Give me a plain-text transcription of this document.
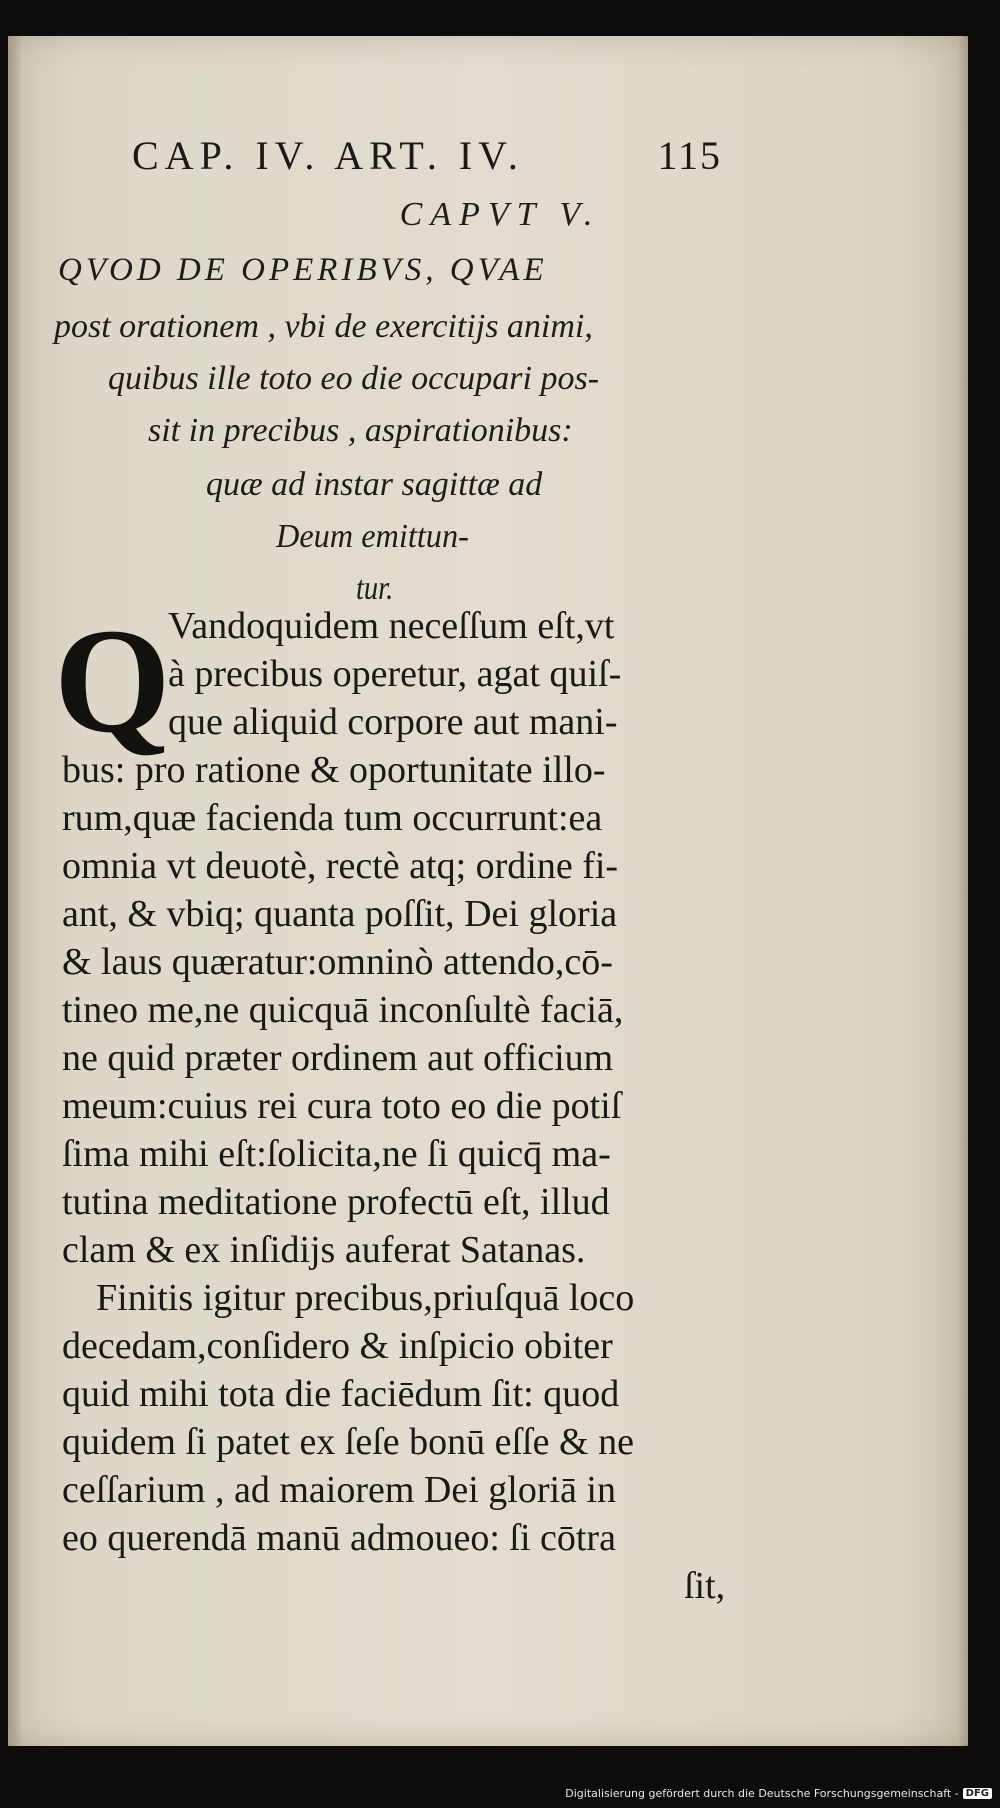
CAP. IV. ART. IV.	115
CAPVT V.
QVOD DE OPERIBVS, QVAE
post orationem , vbi de exercitijs animi,
quibus ille toto eo die occupari pos-
sit in precibus , aspirationibus:
quæ ad instar sagittæ ad
Deum emittun-
tur.
Q
Vandoquidem neceſſum eſt,vt
à precibus operetur, agat quiſ-
que aliquid corpore aut mani-
bus: pro ratione & oportunitate illo-
rum,quæ facienda tum occurrunt:ea
omnia vt deuotè, rectè atq; ordine fi-
ant, & vbiq; quanta poſſit, Dei gloria
& laus quæratur:omninò attendo,cō-
tineo me,ne quicquā inconſultè faciā,
ne quid præter ordinem aut officium
meum:cuius rei cura toto eo die potiſ
ſima mihi eſt:ſolicita,ne ſi quicq̄ ma-
tutina meditatione profectū eſt, illud
clam & ex inſidijs auferat Satanas.
Finitis igitur precibus,priuſquā loco
decedam,conſidero & inſpicio obiter
quid mihi tota die faciēdum ſit: quod
quidem ſi patet ex ſeſe bonū eſſe & ne
ceſſarium , ad maiorem Dei gloriā in
eo querendā manū admoueo: ſi cōtra
ſit,
Digitalisierung gefördert durch die Deutsche Forschungsgemeinschaft - DFG
